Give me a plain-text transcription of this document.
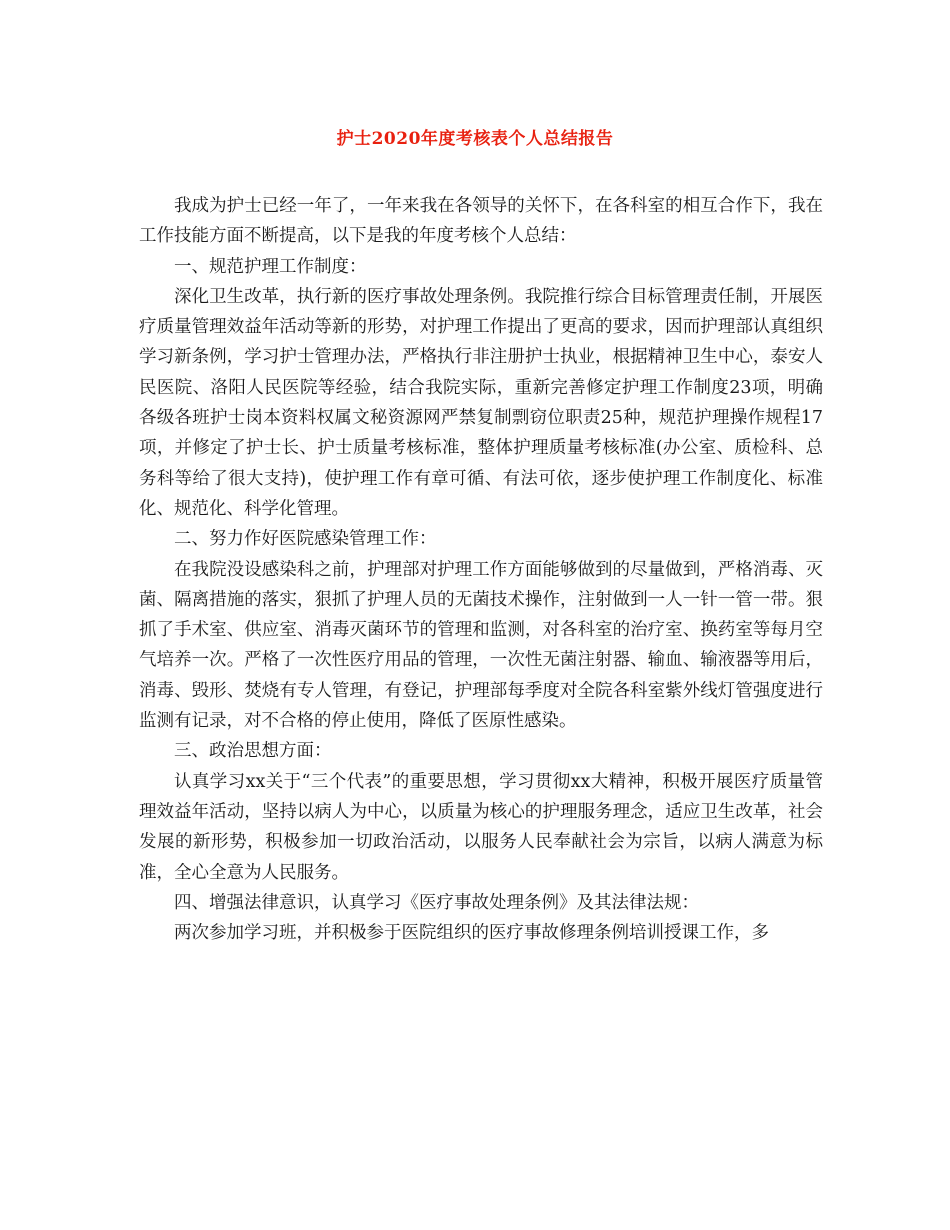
护士2020年度考核表个人总结报告

我成为护士已经一年了，一年来我在各领导的关怀下，在各科室的相互合作下，我在工作技能方面不断提高，以下是我的年度考核个人总结：

一、规范护理工作制度：

深化卫生改革，执行新的医疗事故处理条例。我院推行综合目标管理责任制，开展医疗质量管理效益年活动等新的形势，对护理工作提出了更高的要求，因而护理部认真组织学习新条例，学习护士管理办法，严格执行非注册护士执业，根据精神卫生中心，泰安人民医院、洛阳人民医院等经验，结合我院实际，重新完善修定护理工作制度23项，明确各级各班护士岗本资料权属文秘资源网严禁复制剽窃位职责25种，规范护理操作规程17项，并修定了护士长、护士质量考核标准，整体护理质量考核标准(办公室、质检科、总务科等给了很大支持)，使护理工作有章可循、有法可依，逐步使护理工作制度化、标准化、规范化、科学化管理。

二、努力作好医院感染管理工作：

在我院没设感染科之前，护理部对护理工作方面能够做到的尽量做到，严格消毒、灭菌、隔离措施的落实，狠抓了护理人员的无菌技术操作，注射做到一人一针一管一带。狠抓了手术室、供应室、消毒灭菌环节的管理和监测，对各科室的治疗室、换药室等每月空气培养一次。严格了一次性医疗用品的管理，一次性无菌注射器、输血、输液器等用后，消毒、毁形、焚烧有专人管理，有登记，护理部每季度对全院各科室紫外线灯管强度进行监测有记录，对不合格的停止使用，降低了医原性感染。

三、政治思想方面：

认真学习xx关于“三个代表”的重要思想，学习贯彻xx大精神，积极开展医疗质量管理效益年活动，坚持以病人为中心，以质量为核心的护理服务理念，适应卫生改革，社会发展的新形势，积极参加一切政治活动，以服务人民奉献社会为宗旨，以病人满意为标准，全心全意为人民服务。

四、增强法律意识，认真学习《医疗事故处理条例》及其法律法规：

两次参加学习班，并积极参于医院组织的医疗事故修理条例培训授课工作，多
